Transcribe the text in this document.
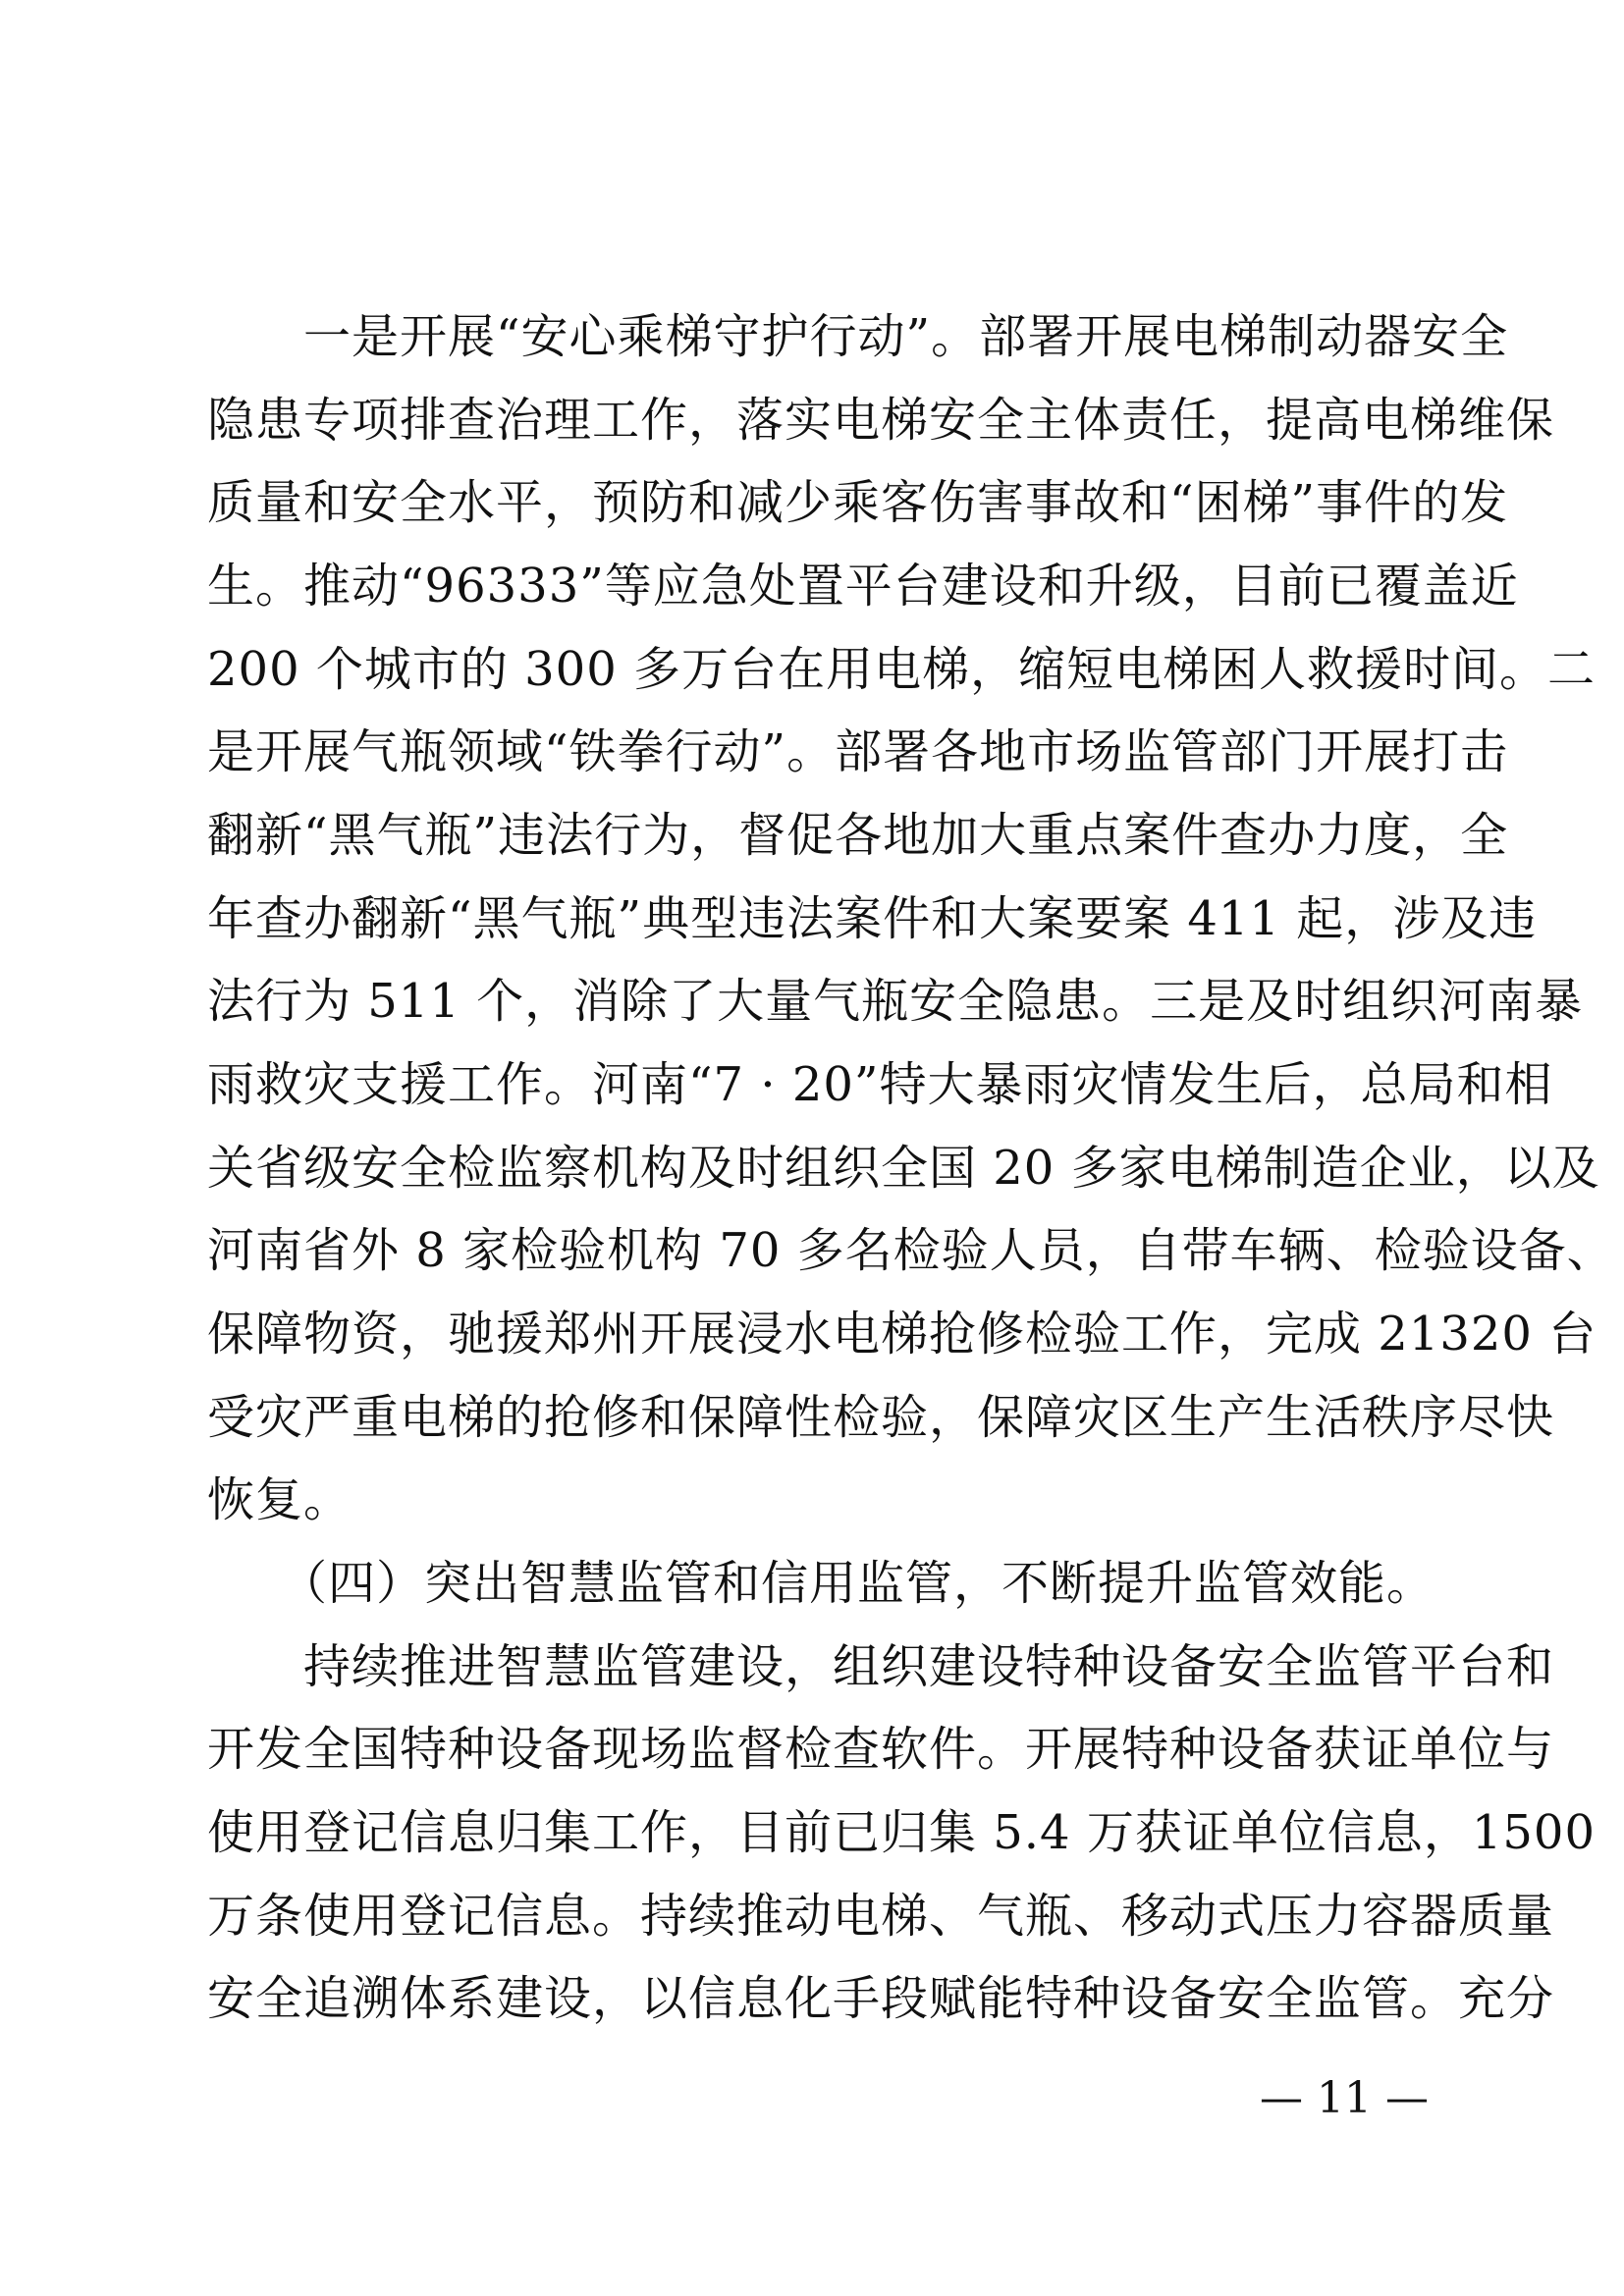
　　一是开展“安心乘梯守护行动”。部署开展电梯制动器安全
隐患专项排查治理工作，落实电梯安全主体责任，提高电梯维保
质量和安全水平，预防和减少乘客伤害事故和“困梯”事件的发
生。推动“96333”等应急处置平台建设和升级，目前已覆盖近
200 个城市的 300 多万台在用电梯，缩短电梯困人救援时间。二
是开展气瓶领域“铁拳行动”。部署各地市场监管部门开展打击
翻新“黑气瓶”违法行为，督促各地加大重点案件查办力度，全
年查办翻新“黑气瓶”典型违法案件和大案要案 411 起，涉及违
法行为 511 个，消除了大量气瓶安全隐患。三是及时组织河南暴
雨救灾支援工作。河南“7 · 20”特大暴雨灾情发生后，总局和相
关省级安全检监察机构及时组织全国 20 多家电梯制造企业，以及
河南省外 8 家检验机构 70 多名检验人员，自带车辆、检验设备、
保障物资，驰援郑州开展浸水电梯抢修检验工作，完成 21320 台
受灾严重电梯的抢修和保障性检验，保障灾区生产生活秩序尽快
恢复。
　　（四）突出智慧监管和信用监管，不断提升监管效能。
　　持续推进智慧监管建设，组织建设特种设备安全监管平台和
开发全国特种设备现场监督检查软件。开展特种设备获证单位与
使用登记信息归集工作，目前已归集 5.4 万获证单位信息，1500
万条使用登记信息。持续推动电梯、气瓶、移动式压力容器质量
安全追溯体系建设，以信息化手段赋能特种设备安全监管。充分
— 11 —
